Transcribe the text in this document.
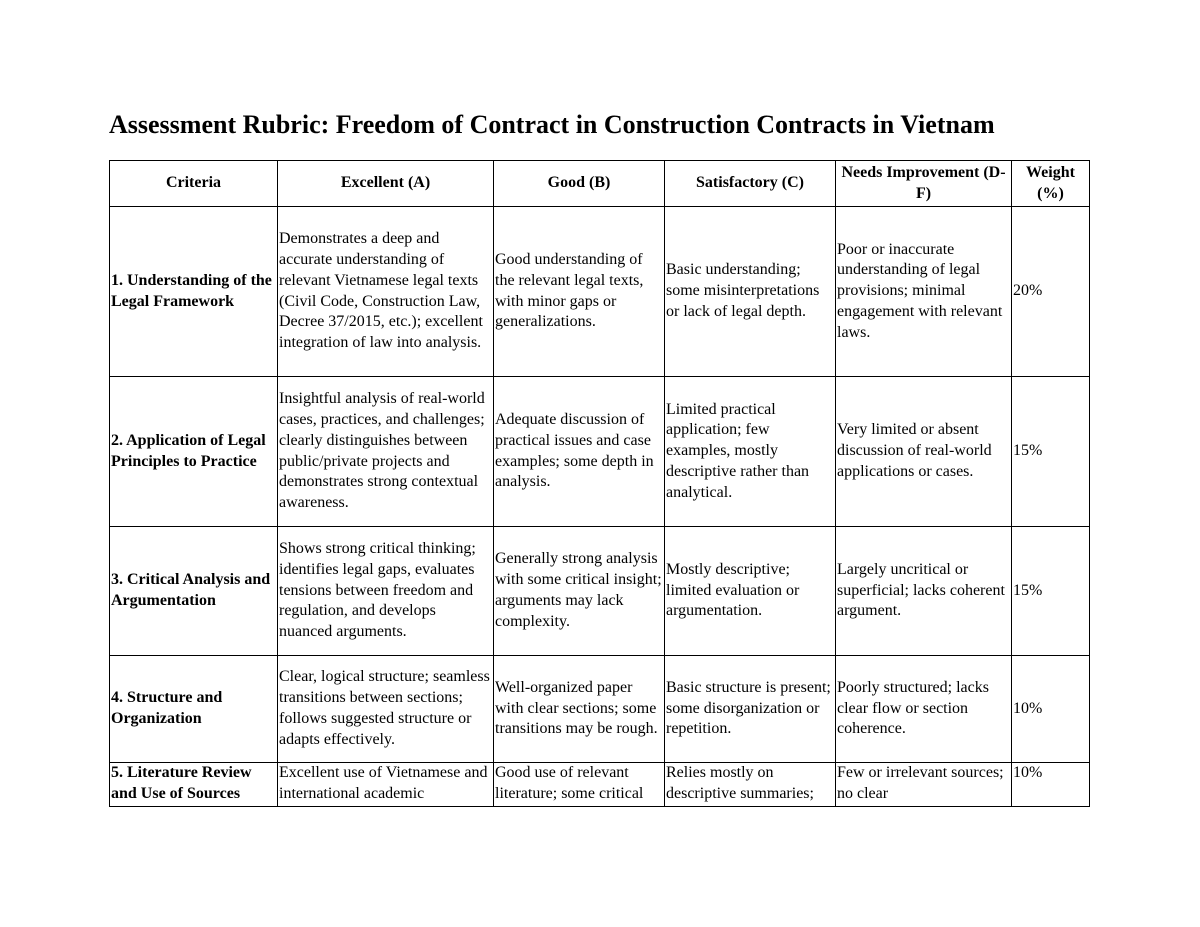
Assessment Rubric: Freedom of Contract in Construction Contracts in Vietnam
Criteria	Excellent (A)	Good (B)	Satisfactory (C)	Needs Improvement (D-F)	Weight (%)
1. Understanding of the Legal Framework	Demonstrates a deep and accurate understanding of relevant Vietnamese legal texts (Civil Code, Construction Law, Decree 37/2015, etc.); excellent integration of law into analysis.	Good understanding of the relevant legal texts, with minor gaps or generalizations.	Basic understanding; some misinterpretations or lack of legal depth.	Poor or inaccurate understanding of legal provisions; minimal engagement with relevant laws.	20%
2. Application of Legal Principles to Practice	Insightful analysis of real-world cases, practices, and challenges; clearly distinguishes between public/private projects and demonstrates strong contextual awareness.	Adequate discussion of practical issues and case examples; some depth in analysis.	Limited practical application; few examples, mostly descriptive rather than analytical.	Very limited or absent discussion of real-world applications or cases.	15%
3. Critical Analysis and Argumentation	Shows strong critical thinking; identifies legal gaps, evaluates tensions between freedom and regulation, and develops nuanced arguments.	Generally strong analysis with some critical insight; arguments may lack complexity.	Mostly descriptive; limited evaluation or argumentation.	Largely uncritical or superficial; lacks coherent argument.	15%
4. Structure and Organization	Clear, logical structure; seamless transitions between sections; follows suggested structure or adapts effectively.	Well-organized paper with clear sections; some transitions may be rough.	Basic structure is present; some disorganization or repetition.	Poorly structured; lacks clear flow or section coherence.	10%
5. Literature Review and Use of Sources	Excellent use of Vietnamese and international academic	Good use of relevant literature; some critical	Relies mostly on descriptive summaries;	Few or irrelevant sources; no clear	10%
